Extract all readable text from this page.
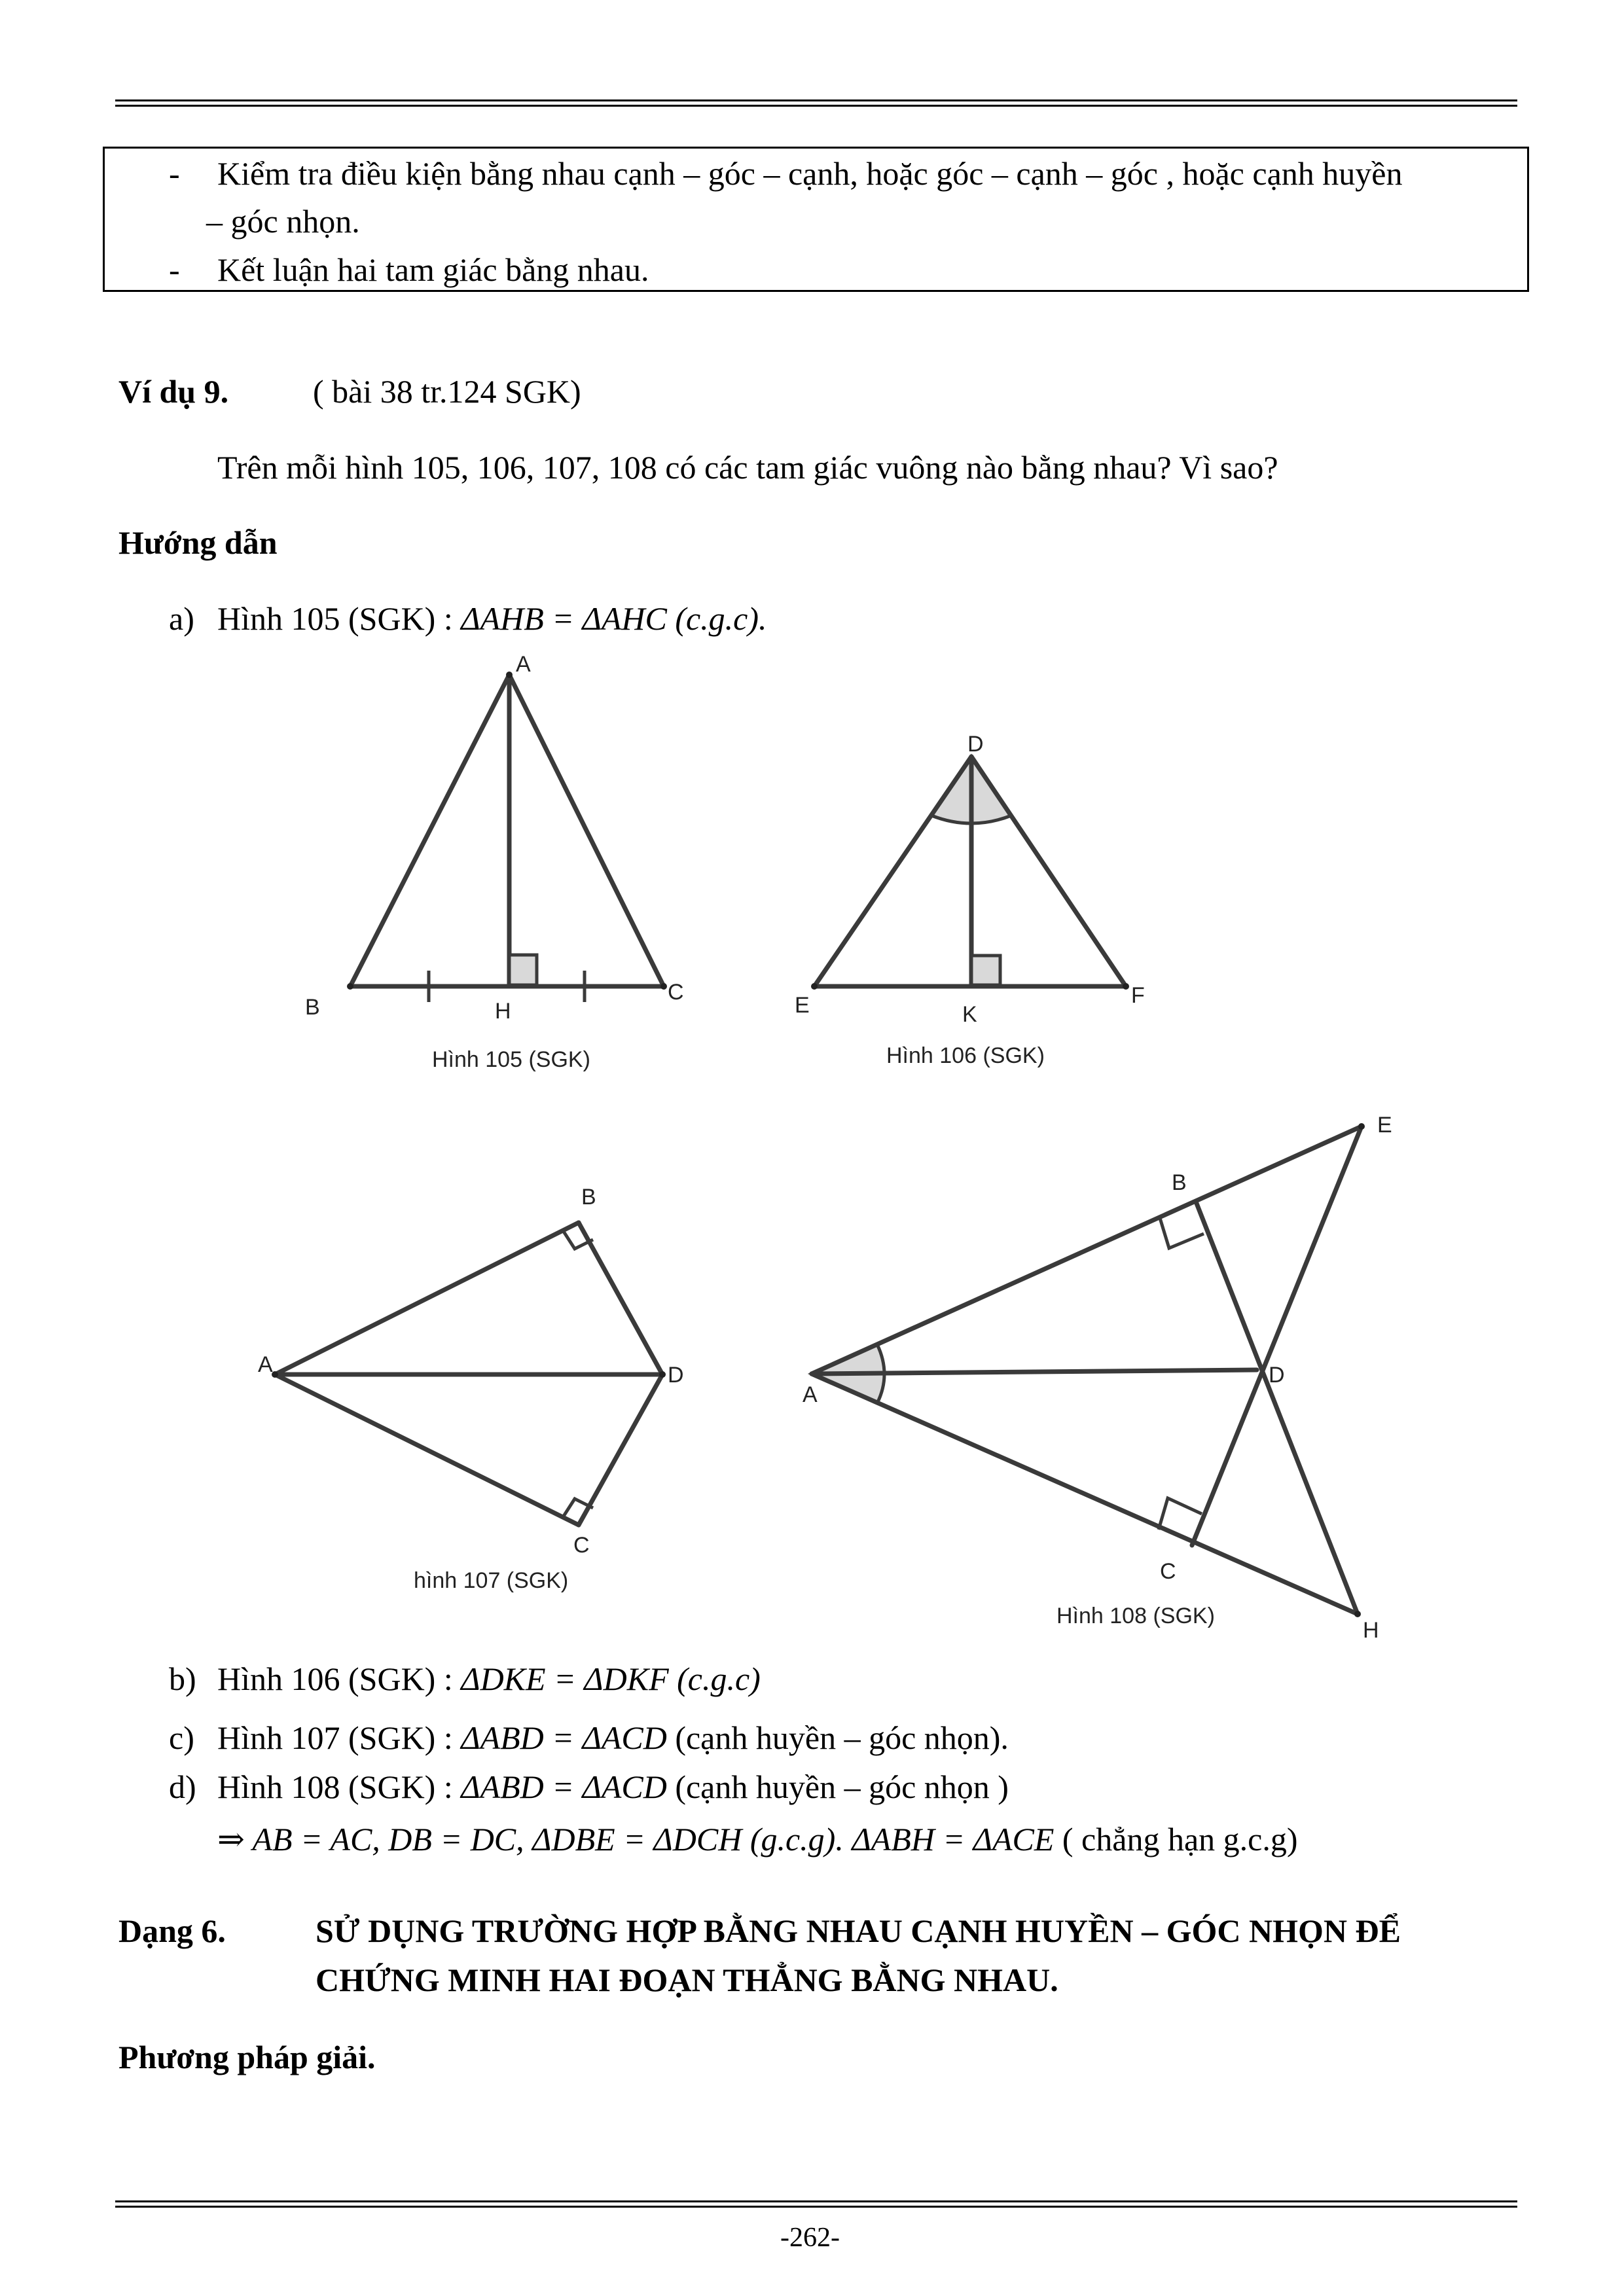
- Kiểm tra điều kiện bằng nhau cạnh – góc – cạnh, hoặc góc – cạnh – góc , hoặc cạnh huyền
– góc nhọn.
- Kết luận hai tam giác bằng nhau.
Ví dụ 9.	( bài 38 tr.124 SGK)
Trên mỗi hình 105, 106, 107, 108 có các tam giác vuông nào bằng nhau? Vì sao?
Hướng dẫn
a) Hình 105 (SGK) : ΔAHB = ΔAHC (c.g.c).
A
B
C
H
Hình 105 (SGK)
D
E	F
K
Hình 106 (SGK)
A
B
C
D
hình 107 (SGK)
A
B
C
D
E
H
Hình 108 (SGK)
b) Hình 106 (SGK) : ΔDKE = ΔDKF (c.g.c)
c) Hình 107 (SGK) : ΔABD = ΔACD (cạnh huyền – góc nhọn).
d) Hình 108 (SGK) : ΔABD = ΔACD (cạnh huyền – góc nhọn )
⇒ AB = AC, DB = DC, ΔDBE = ΔDCH (g.c.g). ΔABH = ΔACE ( chẳng hạn g.c.g)
Dạng 6.	SỬ DỤNG TRƯỜNG HỢP BẰNG NHAU CẠNH HUYỀN – GÓC NHỌN ĐỂ
CHỨNG MINH HAI ĐOẠN THẲNG BẰNG NHAU.
Phương pháp giải.
-262-
